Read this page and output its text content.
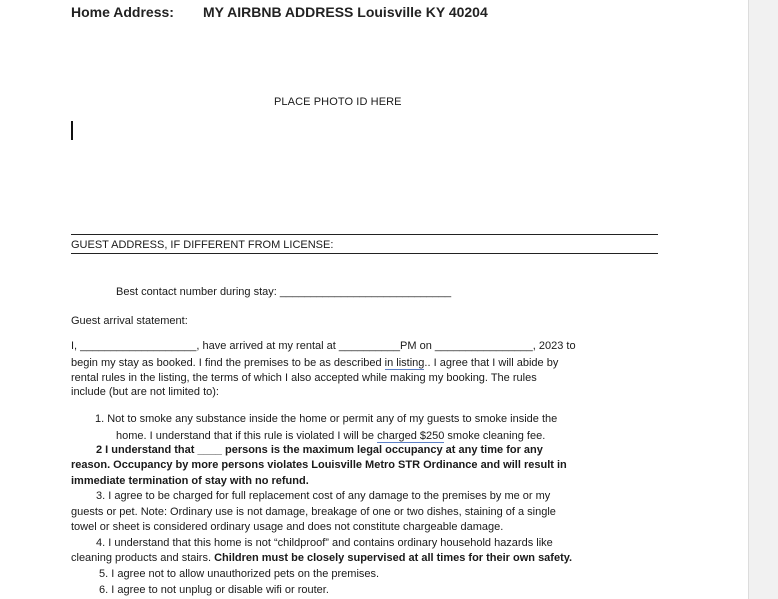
Home Address: MY AIRBNB ADDRESS Louisville KY 40204
PLACE PHOTO ID HERE
GUEST ADDRESS, IF DIFFERENT FROM LICENSE:
Best contact number during stay: ____________________________
Guest arrival statement:
I, ___________________, have arrived at my rental at __________PM on ________________, 2023 to
begin my stay as booked. I find the premises to be as described in listing.. I agree that I will abide by
rental rules in the listing, the terms of which I also accepted while making my booking. The rules
include (but are not limited to):
1. Not to smoke any substance inside the home or permit any of my guests to smoke inside the
home. I understand that if this rule is violated I will be charged $250 smoke cleaning fee.
2 I understand that ____ persons is the maximum legal occupancy at any time for any
reason. Occupancy by more persons violates Louisville Metro STR Ordinance and will result in
immediate termination of stay with no refund.
3. I agree to be charged for full replacement cost of any damage to the premises by me or my
guests or pet. Note: Ordinary use is not damage, breakage of one or two dishes, staining of a single
towel or sheet is considered ordinary usage and does not constitute chargeable damage.
4. I understand that this home is not “childproof” and contains ordinary household hazards like
cleaning products and stairs. Children must be closely supervised at all times for their own safety.
5. I agree not to allow unauthorized pets on the premises.
6. I agree to not unplug or disable wifi or router.
